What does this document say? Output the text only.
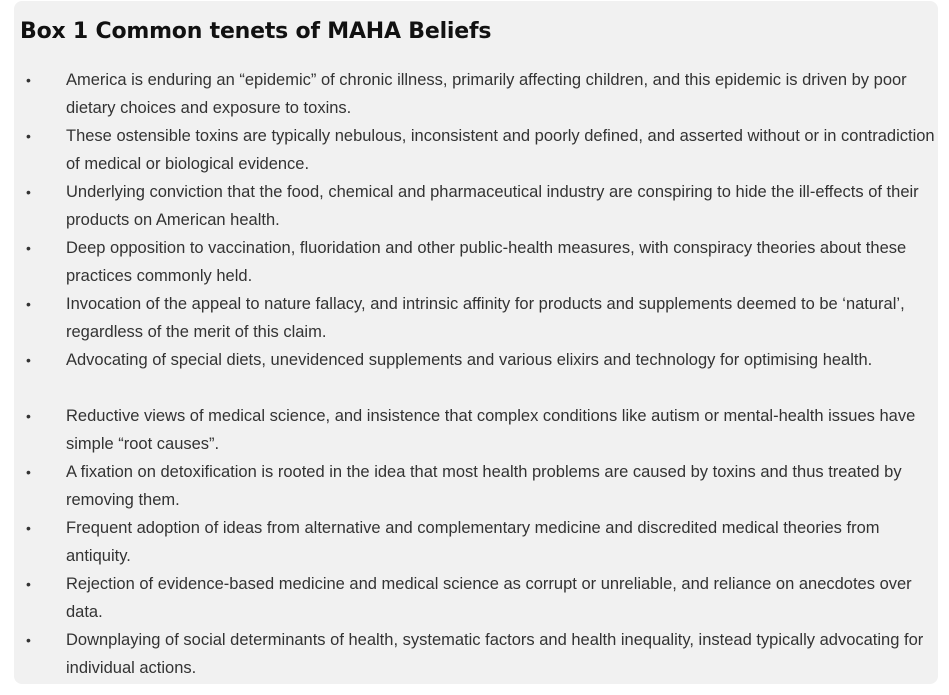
Box 1 Common tenets of MAHA Beliefs
• America is enduring an “epidemic” of chronic illness, primarily affecting children, and this epidemic is driven by poor dietary choices and exposure to toxins.
• These ostensible toxins are typically nebulous, inconsistent and poorly defined, and asserted without or in contradiction of medical or biological evidence.
• Underlying conviction that the food, chemical and pharmaceutical industry are conspiring to hide the ill-effects of their products on American health.
• Deep opposition to vaccination, fluoridation and other public-health measures, with conspiracy theories about these practices commonly held.
• Invocation of the appeal to nature fallacy, and intrinsic affinity for products and supplements deemed to be ‘natural’, regardless of the merit of this claim.
• Advocating of special diets, unevidenced supplements and various elixirs and technology for optimising health.
• Reductive views of medical science, and insistence that complex conditions like autism or mental-health issues have simple “root causes”.
• A fixation on detoxification is rooted in the idea that most health problems are caused by toxins and thus treated by removing them.
• Frequent adoption of ideas from alternative and complementary medicine and discredited medical theories from antiquity.
• Rejection of evidence-based medicine and medical science as corrupt or unreliable, and reliance on anecdotes over data.
• Downplaying of social determinants of health, systematic factors and health inequality, instead typically advocating for individual actions.
